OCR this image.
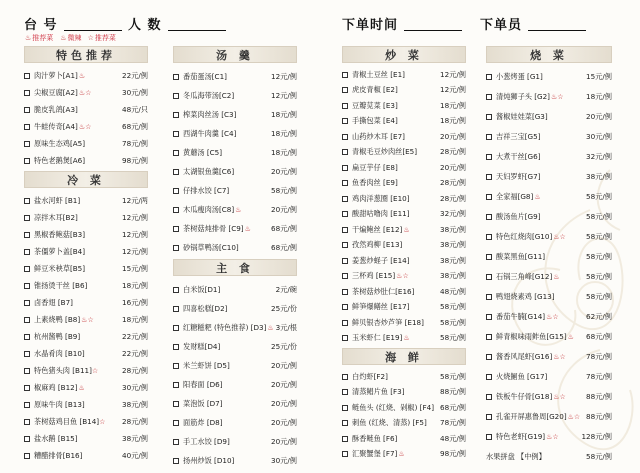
台 号	人 数	下单时间	下单员
♨ 推荐菜 ♨ 微辣 ☆ 推荐菜
特色推荐
肉汁萝卜[A1]♨	22元/例
尖椒豆腐[A2]♨☆	30元/例
脆皮乳鸽[A3]	48元/只
牛蛙传奇[A4]♨☆	68元/例
原味生态鸡[A5]	78元/例
特色老鹅煲[A6]	98元/例
冷 菜
盐水河虾 [B1]	12元/两
凉拌木耳[B2]	12元/例
黑椒香鲍菇[B3]	12元/例
茶僵萝卜盖[B4]	12元/例
鲜豆米秧草[B5]	15元/例
锥扬烫干丝 [B6]	18元/例
卤香翅 [B7]	16元/例
上素烧鸭 [B8]♨☆	18元/例
杭州酱鸭 [B9]	22元/例
水晶肴肉 [B10]	22元/例
特色猪头肉 [B11]☆	28元/例
椒麻鸡 [B12]♨	30元/例
原味牛肉 [B13]	38元/例
茶树菇鸡目鱼 [B14]☆	28元/例
盐水鹅 [B15]	38元/例
糟醋排骨[B16]	40元/例
汤 羹
番茄蛋汤[C1]	12元/例
冬瓜海带汤[C2]	12元/例
榨菜肉丝汤 [C3]	18元/例
西湖牛肉羹 [C4]	18元/例
黄蘑汤 [C5]	18元/例
太湖银鱼羹[C6]	20元/例
仔排水饺 [C7]	58元/例
木瓜瘦肉汤[C8]♨	20元/例
茶树菇炖排骨 [C9]♨	68元/例
砂锅草鸭汤[C10]	68元/例
主 食
白米饭[D1]	2元/碗
四喜松糕[D2]	25元/份
红糖糍粑 (特色推荐) [D3]♨ 3元/根
发财糕[D4]	25元/份
米兰虾饼 [D5]	20元/例
阳春面 [D6]	20元/例
菜泡饭 [D7]	20元/例
面筋炸 [D8]	20元/例
手工水饺 [D9]	20元/例
扬州炒饭 [D10]	30元/例
炒 菜
青椒土豆丝 [E1]	12元/例
虎皮青椒 [E2]	12元/例
豆瓣苋菜 [E3]	18元/例
手撕包菜 [E4]	18元/例
山药炒木耳 [E7]	20元/例
青椒毛豆炒肉丝[E5]	28元/例
扁豆芋仔 [E8]	20元/例
鱼香肉丝 [E9]	28元/例
鸡肉洋葱圈 [E10]	28元/例
酸甜咕噜肉 [E11]	32元/例
干煸鲍丝 [E12]♨	38元/例
孜然鸡柳 [E13]	38元/例
姜葱炒蛏子 [E14]	38元/例
三杯鸡 [E15]♨☆	38元/例
茶树菇炒肚仁[E16]	48元/例
鲜笋爆鳝丝 [E17]	58元/例
鲜贝银杏炒芦笋 [E18]	58元/例
玉米虾仁 [E19]♨	58元/例
海 鲜
白灼虾[F2]	58元/例
清蒸鲳片鱼 [F3]	88元/例
鲢鱼头 (红烧、剁椒) [F4] 68元/例
刺鱼 (红烧、清蒸) [F5]	78元/例
酥香鲢鱼 [F6]	48元/例
汇聚蟹堡 [F7]♨	98元/例
烧 菜
小葱烤蛋 [G1]	15元/例
清炖狮子头 [G2]♨☆	18元/例
酱椒娃娃菜[G3]	20元/例
吉祥三宝[G5]	30元/例
大煮干丝[G6]	32元/例
天妇罗虾[G7]	38元/例
全家福[G8]♨	58元/例
酸汤鱼片[G9]	58元/例
特色红烧肉[G10]♨☆	58元/例
酸菜黑鱼[G11]	58元/例
石锅三角峰[G12]♨	58元/例
鸭翅烧素鸡 [G13]	58元/例
番茄牛腩[G14]♨☆	62元/例
鲜青椒味雨鲊鱼[G15]♨	68元/例
酱香风尾虾[G16]♨☆	78元/例
火烧鮰鱼 [G17]	78元/例
铁板牛仔骨[G18]♨☆	88元/例
孔雀开屏惠鲁周[G20]♨☆ 88元/例
特色老虾[G19]♨☆	128元/例
水果拼盘 【中例】	58元/例
